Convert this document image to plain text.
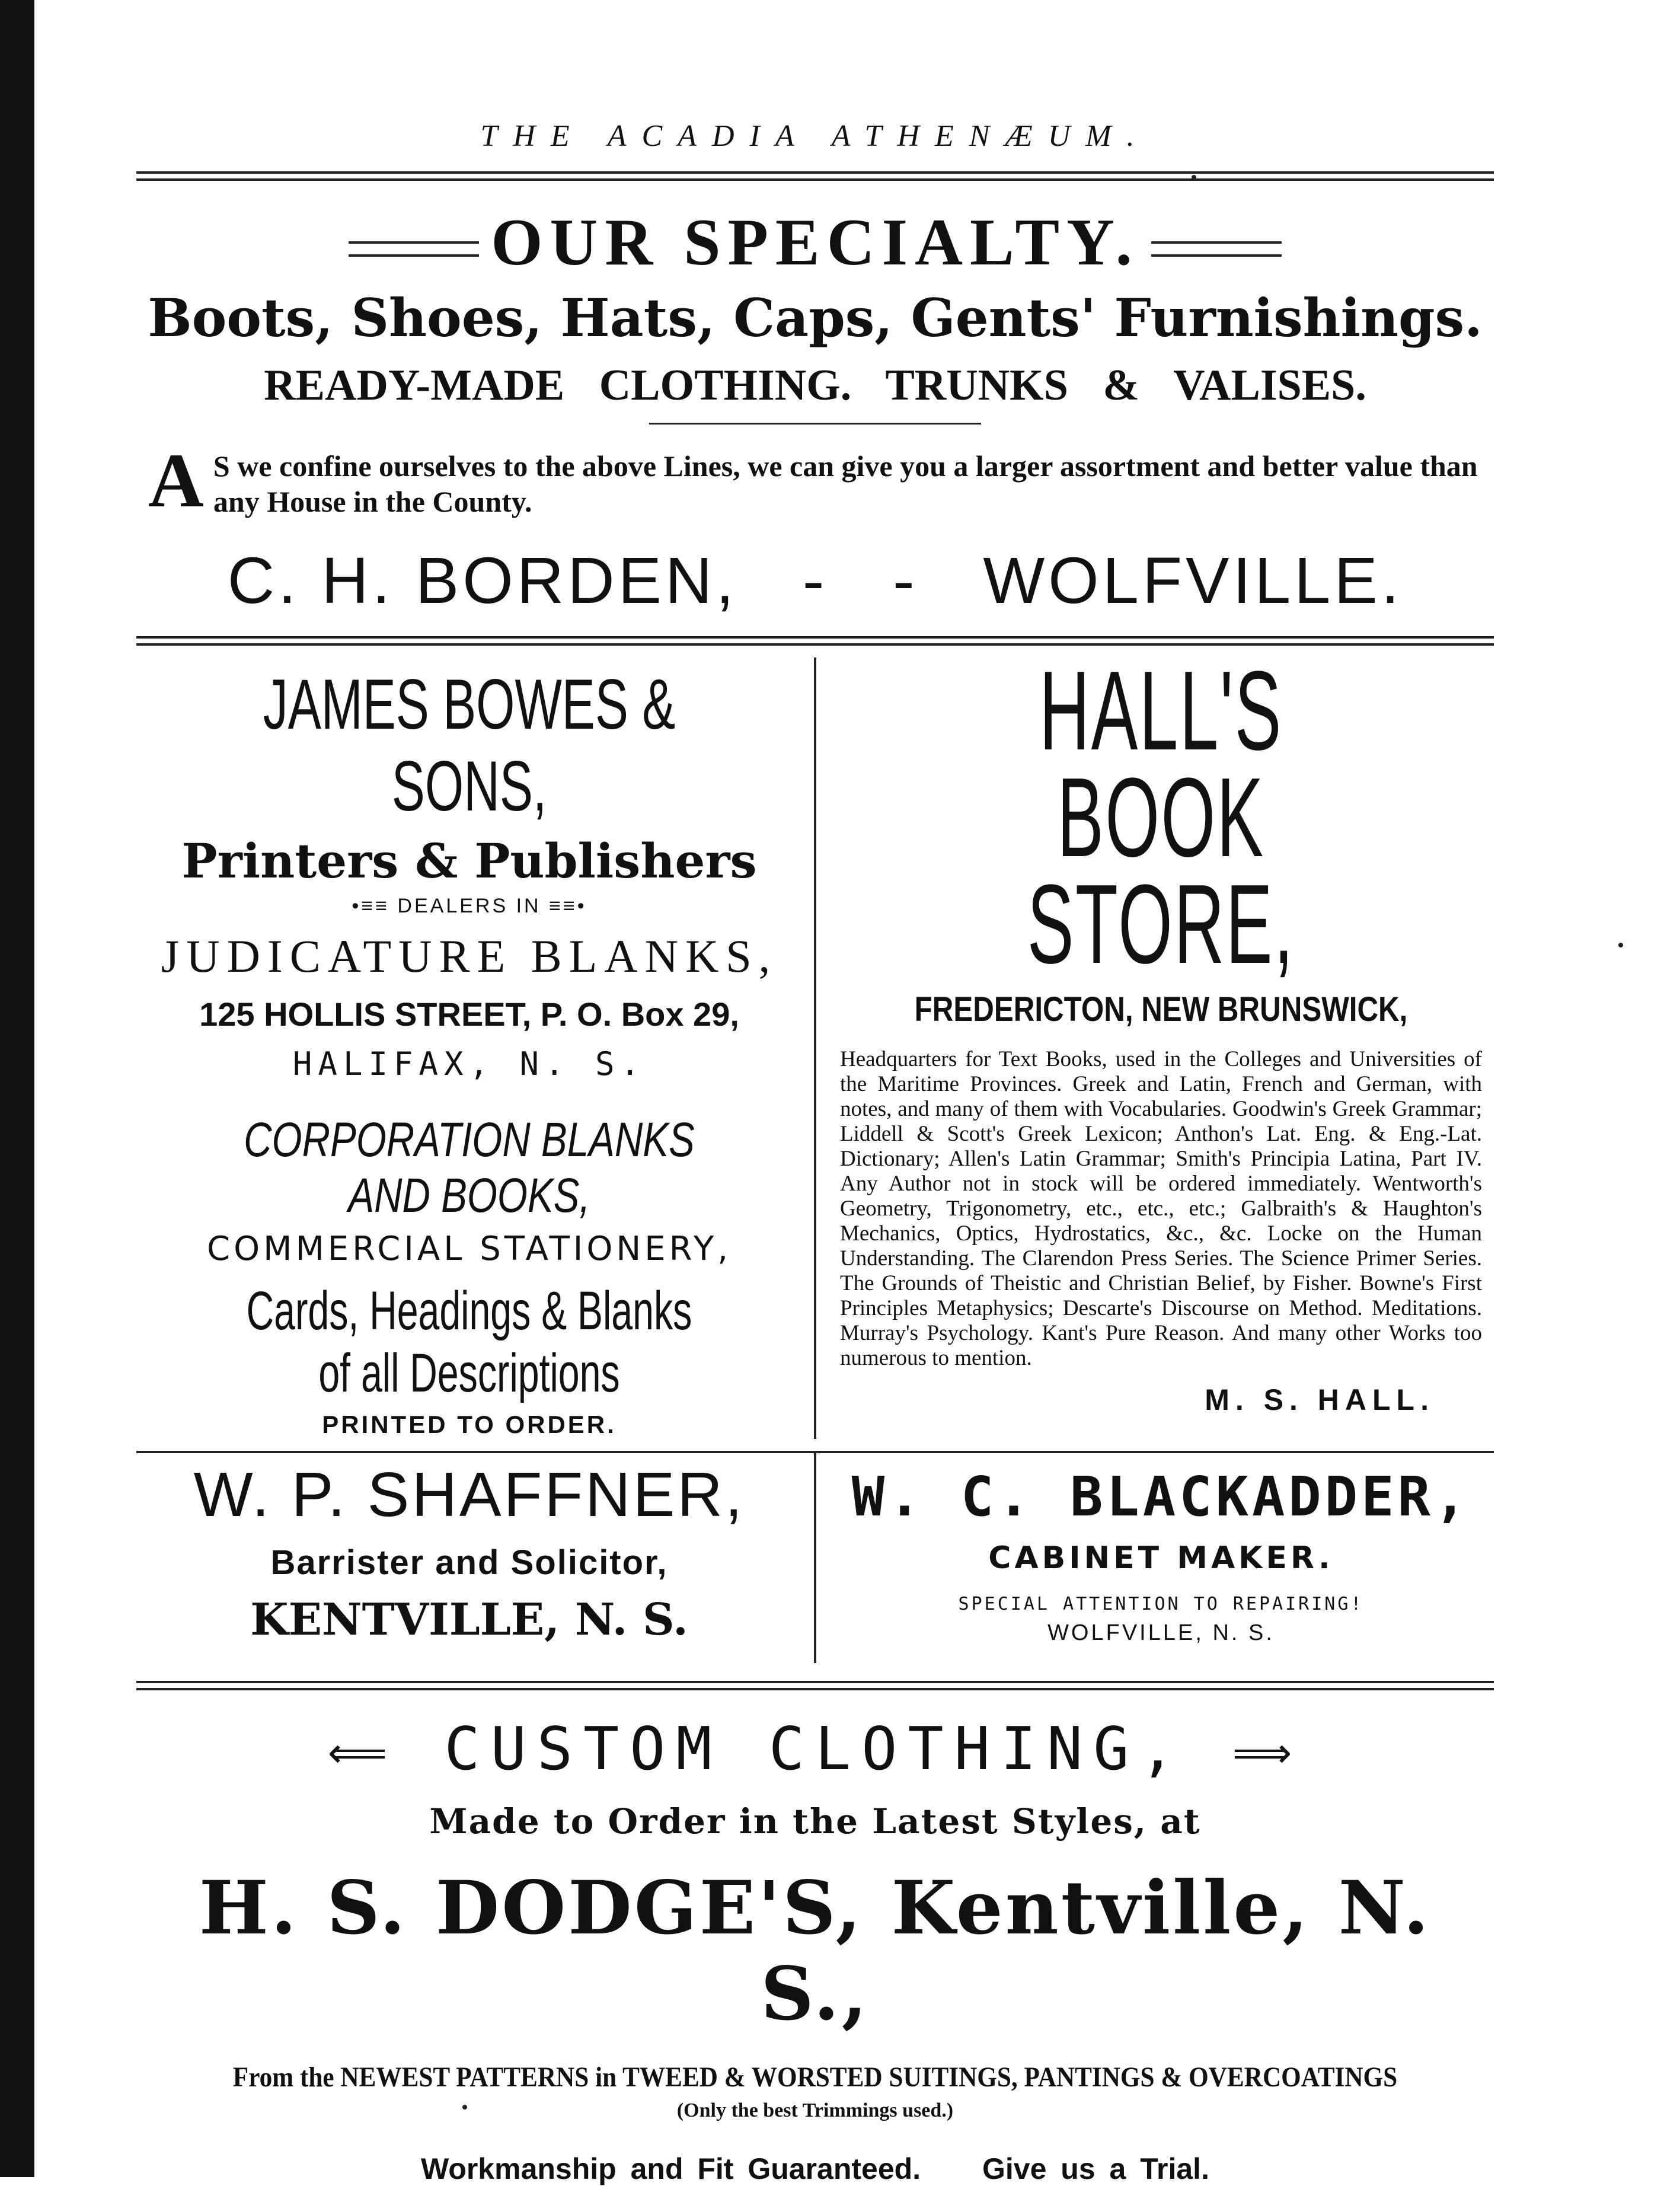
THE ACADIA ATHENÆUM.
OUR SPECIALTY.
Boots, Shoes, Hats, Caps, Gents' Furnishings.
READY-MADE CLOTHING. TRUNKS & VALISES.
A S we confine ourselves to the above Lines, we can give you a larger assortment and better value than any House in the County.
C. H. BORDEN,   -   -   WOLFVILLE.
JAMES BOWES & SONS,
Printers & Publishers
•≡≡ DEALERS IN ≡≡•
JUDICATURE BLANKS,
125 HOLLIS STREET, P. O. Box 29,
HALIFAX, N. S.
CORPORATION BLANKS AND BOOKS,
COMMERCIAL STATIONERY,
Cards, Headings & Blanks of all Descriptions
PRINTED TO ORDER.
HALL'S BOOK STORE,
FREDERICTON, NEW BRUNSWICK,
Headquarters for Text Books, used in the Colleges and Universities of the Maritime Provinces. Greek and Latin, French and German, with notes, and many of them with Vocabularies. Goodwin's Greek Grammar; Liddell & Scott's Greek Lexicon; Anthon's Lat. Eng. & Eng.-Lat. Dictionary; Allen's Latin Grammar; Smith's Principia Latina, Part IV. Any Author not in stock will be ordered immediately. Wentworth's Geometry, Trigonometry, etc., etc., etc.; Galbraith's & Haughton's Mechanics, Optics, Hydrostatics, &c., &c. Locke on the Human Understanding. The Clarendon Press Series. The Science Primer Series. The Grounds of Theistic and Christian Belief, by Fisher. Bowne's First Principles Metaphysics; Descarte's Discourse on Method. Meditations. Murray's Psychology. Kant's Pure Reason. And many other Works too numerous to mention.
M. S. HALL.
W. P. SHAFFNER,
Barrister and Solicitor,
KENTVILLE, N. S.
W. C. BLACKADDER,
CABINET MAKER.
SPECIAL ATTENTION TO REPAIRING!
WOLFVILLE, N. S.
⟸ CUSTOM CLOTHING, ⟹
Made to Order in the Latest Styles, at
H. S. DODGE'S, Kentville, N. S.,
From the NEWEST PATTERNS in TWEED & WORSTED SUITINGS, PANTINGS & OVERCOATINGS
(Only the best Trimmings used.)
Workmanship and Fit Guaranteed. Give us a Trial.
